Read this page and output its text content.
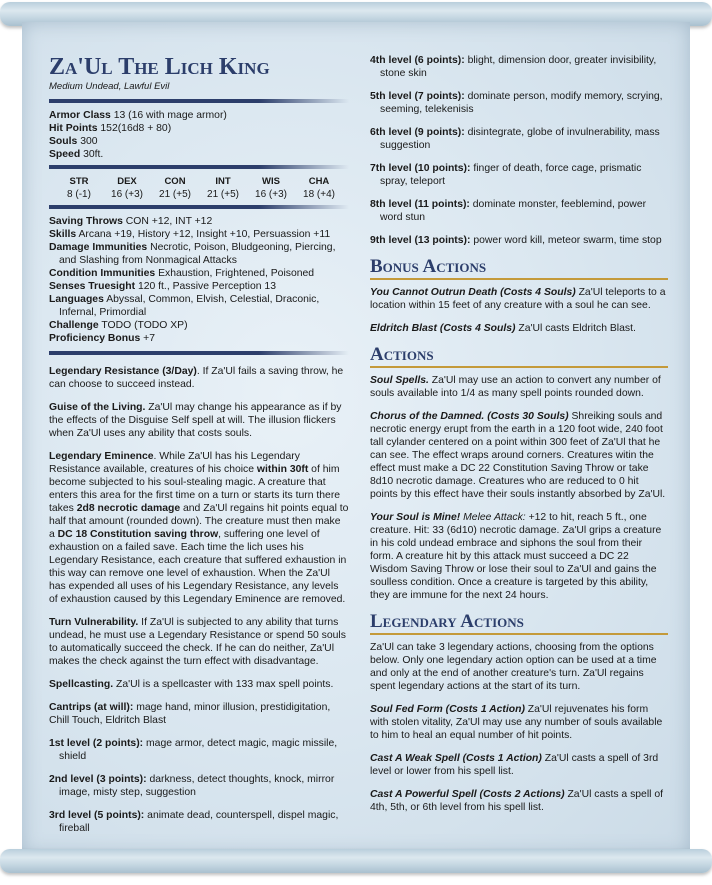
Za'Ul The Lich King

Medium Undead, Lawful Evil

Armor Class 13 (16 with mage armor)

Hit Points 152(16d8 + 80)

Souls 300

Speed 30ft.

STR
8 (-1)
DEX
16 (+3)
CON
21 (+5)
INT
21 (+5)
WIS
16 (+3)
CHA
18 (+4)

Saving Throws CON +12, INT +12

Skills Arcana +19, History +12, Insight +10, Persuassion +11

Damage Immunities Necrotic, Poison, Bludgeoning, Piercing, and Slashing from Nonmagical Attacks

Condition Immunities Exhaustion, Frightened, Poisoned

Senses Truesight 120 ft., Passive Perception 13

Languages Abyssal, Common, Elvish, Celestial, Draconic, Infernal, Primordial

Challenge TODO (TODO XP)

Proficiency Bonus +7

Legendary Resistance (3/Day). If Za'Ul fails a saving throw, he can choose to succeed instead.

Guise of the Living. Za'Ul may change his appearance as if by the effects of the Disguise Self spell at will. The illusion flickers when Za'Ul uses any ability that costs souls.

Legendary Eminence. While Za'Ul has his Legendary Resistance available, creatures of his choice within 30ft of him become subjected to his soul-stealing magic. A creature that enters this area for the first time on a turn or starts its turn there takes 2d8 necrotic damage and Za'Ul regains hit points equal to half that amount (rounded down). The creature must then make a DC 18 Constitution saving throw, suffering one level of exhaustion on a failed save. Each time the lich uses his Legendary Resistance, each creature that suffered exhaustion in this way can remove one level of exhaustion. When the Za'Ul has expended all uses of his Legendary Resistance, any levels of exhaustion caused by this Legendary Eminence are removed.

Turn Vulnerability. If Za'Ul is subjected to any ability that turns undead, he must use a Legendary Resistance or spend 50 souls to automatically succeed the check. If he can do neither, Za'Ul makes the check against the turn effect with disadvantage.

Spellcasting. Za'Ul is a spellcaster with 133 max spell points.

Cantrips (at will): mage hand, minor illusion, prestidigitation, Chill Touch, Eldritch Blast

1st level (2 points): mage armor, detect magic, magic missile, shield

2nd level (3 points): darkness, detect thoughts, knock, mirror image, misty step, suggestion

3rd level (5 points): animate dead, counterspell, dispel magic, fireball

4th level (6 points): blight, dimension door, greater invisibility, stone skin

5th level (7 points): dominate person, modify memory, scrying, seeming, telekenisis

6th level (9 points): disintegrate, globe of invulnerability, mass suggestion

7th level (10 points): finger of death, force cage, prismatic spray, teleport

8th level (11 points): dominate monster, feeblemind, power word stun

9th level (13 points): power word kill, meteor swarm, time stop

Bonus Actions

You Cannot Outrun Death (Costs 4 Souls) Za'Ul teleports to a location within 15 feet of any creature with a soul he can see.

Eldritch Blast (Costs 4 Souls) Za'Ul casts Eldritch Blast.

Actions

Soul Spells. Za'Ul may use an action to convert any number of souls available into 1/4 as many spell points rounded down.

Chorus of the Damned. (Costs 30 Souls) Shreiking souls and necrotic energy erupt from the earth in a 120 foot wide, 240 foot tall cylander centered on a point within 300 feet of Za'Ul that he can see. The effect wraps around corners. Creatures witin the effect must make a DC 22 Constitution Saving Throw or take 8d10 necrotic damage. Creatures who are reduced to 0 hit points by this effect have their souls instantly absorbed by Za'Ul.

Your Soul is Mine! Melee Attack: +12 to hit, reach 5 ft., one creature. Hit: 33 (6d10) necrotic damage. Za'Ul grips a creature in his cold undead embrace and siphons the soul from their form. A creature hit by this attack must succeed a DC 22 Wisdom Saving Throw or lose their soul to Za'Ul and gains the soulless condition. Once a creature is targeted by this ability, they are immune for the next 24 hours.

Legendary Actions

Za'Ul can take 3 legendary actions, choosing from the options below. Only one legendary action option can be used at a time and only at the end of another creature's turn. Za'Ul regains spent legendary actions at the start of its turn.

Soul Fed Form (Costs 1 Action) Za'Ul rejuvenates his form with stolen vitality, Za'Ul may use any number of souls available to him to heal an equal number of hit points.

Cast A Weak Spell (Costs 1 Action) Za'Ul casts a spell of 3rd level or lower from his spell list.

Cast A Powerful Spell (Costs 2 Actions) Za'Ul casts a spell of 4th, 5th, or 6th level from his spell list.
